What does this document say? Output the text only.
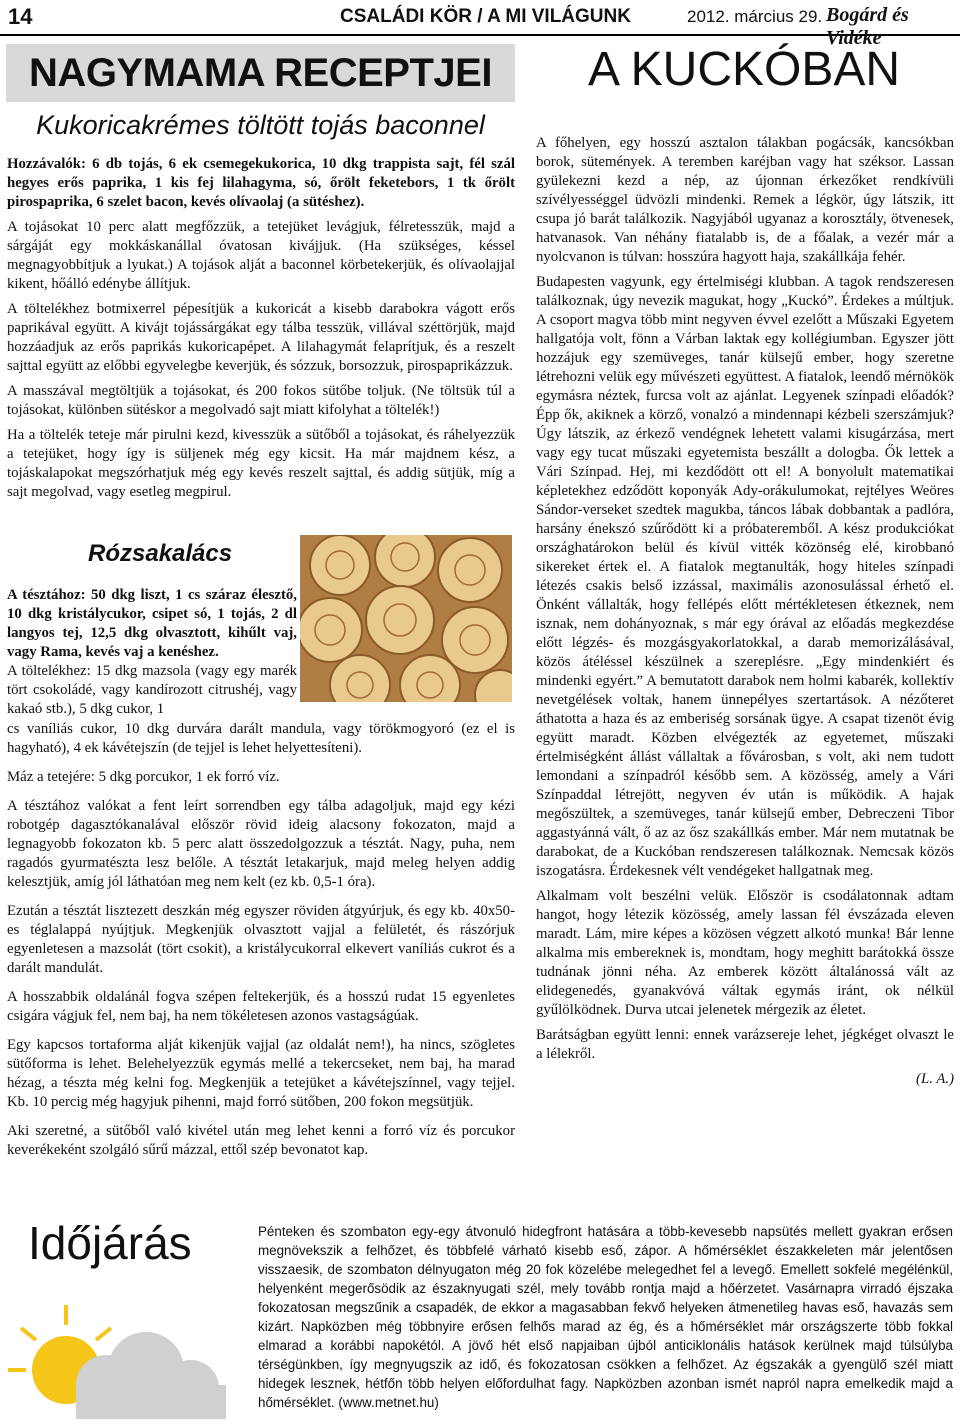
14	CSALÁDI KÖR / A MI VILÁGUNK	2012. március 29. Bogárd és Vidéke
NAGYMAMA RECEPTJEI
Kukoricakrémes töltött tojás baconnel
A KUCKÓBAN

Hozzávalók: 6 db tojás, 6 ek csemegekukorica, 10 dkg trappista sajt, fél szál hegyes erős paprika, 1 kis fej lilahagyma, só, őrölt feketebors, 1 tk őrölt pirospaprika, 6 szelet bacon, kevés olívaolaj (a sütéshez).

A tojásokat 10 perc alatt megfőzzük, a tetejüket levágjuk, félretesszük, majd a sárgáját egy mokkáskanállal óvatosan kivájjuk. (Ha szükséges, késsel megnagyobbítjuk a lyukat.) A tojások alját a baconnel körbetekerjük, és olívaolajjal kikent, hőálló edénybe állítjuk.

A töltelékhez botmixerrel pépesítjük a kukoricát a kisebb darabokra vágott erős paprikával együtt. A kivájt tojássárgákat egy tálba tesszük, villával széttörjük, majd hozzáadjuk az erős paprikás kukoricapépet. A lilahagymát felaprítjuk, és a reszelt sajttal együtt az előbbi egyvelegbe keverjük, és sózzuk, borsozzuk, pirospaprikázzuk.

A masszával megtöltjük a tojásokat, és 200 fokos sütőbe toljuk. (Ne töltsük túl a tojásokat, különben sütéskor a megolvadó sajt miatt kifolyhat a töltelék!)

Ha a töltelék teteje már pirulni kezd, kivesszük a sütőből a tojásokat, és ráhelyezzük a tetejüket, hogy így is süljenek még egy kicsit. Ha már majdnem kész, a tojáskalapokat megszórhatjuk még egy kevés reszelt sajttal, és addig sütjük, míg a sajt megolvad, vagy esetleg megpirul.

Rózsakalács

A tésztához: 50 dkg liszt, 1 cs száraz élesztő, 10 dkg kristálycukor, csipet só, 1 tojás, 2 dl langyos tej, 12,5 dkg olvasztott, kihűlt vaj, vagy Rama, kevés vaj a kenéshez.

A töltelékhez: 15 dkg mazsola (vagy egy marék tört csokoládé, vagy kandírozott citrushéj, vagy kakaó stb.), 5 dkg cukor, 1

cs vaníliás cukor, 10 dkg durvára darált mandula, vagy törökmogyoró (ez el is hagyható), 4 ek kávétejszín (de tejjel is lehet helyettesíteni).

Máz a tetejére: 5 dkg porcukor, 1 ek forró víz.

A tésztához valókat a fent leírt sorrendben egy tálba adagoljuk, majd egy kézi robotgép dagasztókanalával először rövid ideig alacsony fokozaton, majd a legnagyobb fokozaton kb. 5 perc alatt összedolgozzuk a tésztát. Nagy, puha, nem ragadós gyurmatészta lesz belőle. A tésztát letakarjuk, majd meleg helyen addig kelesztjük, amíg jól láthatóan meg nem kelt (ez kb. 0,5-1 óra).

Ezután a tésztát lisztezett deszkán még egyszer röviden átgyúrjuk, és egy kb. 40x50-es téglalappá nyújtjuk. Megkenjük olvasztott vajjal a felületét, és rászórjuk egyenletesen a mazsolát (tört csokit), a kristálycukorral elkevert vaníliás cukrot és a darált mandulát.

A hosszabbik oldalánál fogva szépen feltekerjük, és a hosszú rudat 15 egyenletes csigára vágjuk fel, nem baj, ha nem tökéletesen azonos vastagságúak.

Egy kapcsos tortaforma alját kikenjük vajjal (az oldalát nem!), ha nincs, szögletes sütőforma is lehet. Belehelyezzük egymás mellé a tekercseket, nem baj, ha marad hézag, a tészta még kelni fog. Megkenjük a tetejüket a kávétejszínnel, vagy tejjel. Kb. 10 percig még hagyjuk pihenni, majd forró sütőben, 200 fokon megsütjük.

Aki szeretné, a sütőből való kivétel után meg lehet kenni a forró víz és porcukor keverékeként szolgáló sűrű mázzal, ettől szép bevonatot kap.

A főhelyen, egy hosszú asztalon tálakban pogácsák, kancsókban borok, sütemények. A teremben karéjban vagy hat széksor. Lassan gyülekezni kezd a nép, az újonnan érkezőket rendkívüli szívélyességgel üdvözli mindenki. Remek a légkör, úgy látszik, itt csupa jó barát találkozik. Nagyjából ugyanaz a korosztály, ötvenesek, hatvanasok. Van néhány fiatalabb is, de a főalak, a vezér már a nyolcvanon is túlvan: hosszúra hagyott haja, szakállkája fehér.

Budapesten vagyunk, egy értelmiségi klubban. A tagok rendszeresen találkoznak, úgy nevezik magukat, hogy „Kuckó”. Érdekes a múltjuk. A csoport magva több mint negyven évvel ezelőtt a Műszaki Egyetem hallgatója volt, fönn a Várban laktak egy kollégiumban. Egyszer jött hozzájuk egy szemüveges, tanár külsejű ember, hogy szeretne létrehozni velük egy művészeti együttest. A fiatalok, leendő mérnökök egymásra néztek, furcsa volt az ajánlat. Legyenek színpadi előadók? Épp ők, akiknek a körző, vonalzó a mindennapi kézbeli szerszámjuk? Úgy látszik, az érkező vendégnek lehetett valami kisugárzása, mert vagy egy tucat műszaki egyetemista beszállt a dologba. Ők lettek a Vári Színpad. Hej, mi kezdődött ott el! A bonyolult matematikai képletekhez edződött koponyák Ady-orákulumokat, rejtélyes Weöres Sándor-verseket szedtek magukba, táncos lábak dobbantak a padlóra, harsány énekszó szűrődött ki a próbateremből. A kész produkciókat országhatárokon belül és kívül vitték közönség elé, kirobbanó sikereket értek el. A fiatalok megtanulták, hogy hiteles színpadi létezés csakis belső izzással, maximális azonosulással érhető el. Önként vállalták, hogy fellépés előtt mértékletesen étkeznek, nem isznak, nem dohányoznak, s már egy órával az előadás megkezdése előtt légzés- és mozgásgyakorlatokkal, a darab memorizálásával, közös átéléssel készülnek a szereplésre. „Egy mindenkiért és mindenki egyért.” A bemutatott darabok nem holmi kabarék, kollektív nevetgélések voltak, hanem ünnepélyes szertartások. A nézőteret áthatotta a haza és az emberiség sorsának ügye. A csapat tizenöt évig együtt maradt. Közben elvégezték az egyetemet, műszaki értelmiségként állást vállaltak a fővárosban, s volt, aki nem tudott lemondani a színpadról később sem. A közösség, amely a Vári Színpaddal létrejött, negyven év után is működik. A hajak megőszültek, a szemüveges, tanár külsejű ember, Debreczeni Tibor aggastyánná vált, ő az az ősz szakállkás ember. Már nem mutatnak be darabokat, de a Kuckóban rendszeresen találkoznak. Nemcsak közös iszogatásra. Érdekesnek vélt vendégeket hallgatnak meg.

Alkalmam volt beszélni velük. Először is csodálatonnak adtam hangot, hogy létezik közösség, amely lassan fél évszázada eleven maradt. Lám, mire képes a közösen végzett alkotó munka! Bár lenne alkalma mis embereknek is, mondtam, hogy meghitt barátokká össze tudnának jönni néha. Az emberek között általánossá vált az elidegenedés, gyanakvóvá váltak egymás iránt, ok nélkül gyűlölködnek. Durva utcai jelenetek mérgezik az életet.

Barátságban együtt lenni: ennek varázsereje lehet, jégkéget olvaszt le a lélekről.

(L. A.)

Időjárás	Pénteken és szombaton egy-egy átvonuló hidegfront hatására a több-kevesebb napsütés mellett gyakran erősen megnövekszik a felhőzet, és többfelé várható kisebb eső, zápor. A hőmérséklet északkeleten már jelentősen visszaesik, de szombaton délnyugaton még 20 fok közelébe melegedhet fel a levegő. Emellett sokfelé megélénkül, helyenként megerősödik az északnyugati szél, mely tovább rontja majd a hőérzetet. Vasárnapra virradó éjszaka fokozatosan megszűnik a csapadék, de ekkor a magasabban fekvő helyeken átmenetileg havas eső, havazás sem kizárt. Napközben még többnyire erősen felhős marad az ég, és a hőmérséklet már országszerte több fokkal elmarad a korábbi napokétól. A jövő hét első napjaiban újból anticiklonális hatások kerülnek majd túlsúlyba térségünkben, így megnyugszik az idő, és fokozatosan csökken a felhőzet. Az égszakák a gyengülő szél miatt hidegek lesznek, hétfőn több helyen előfordulhat fagy. Napközben azonban ismét napról napra emelkedik majd a hőmérséklet. (www.metnet.hu)
